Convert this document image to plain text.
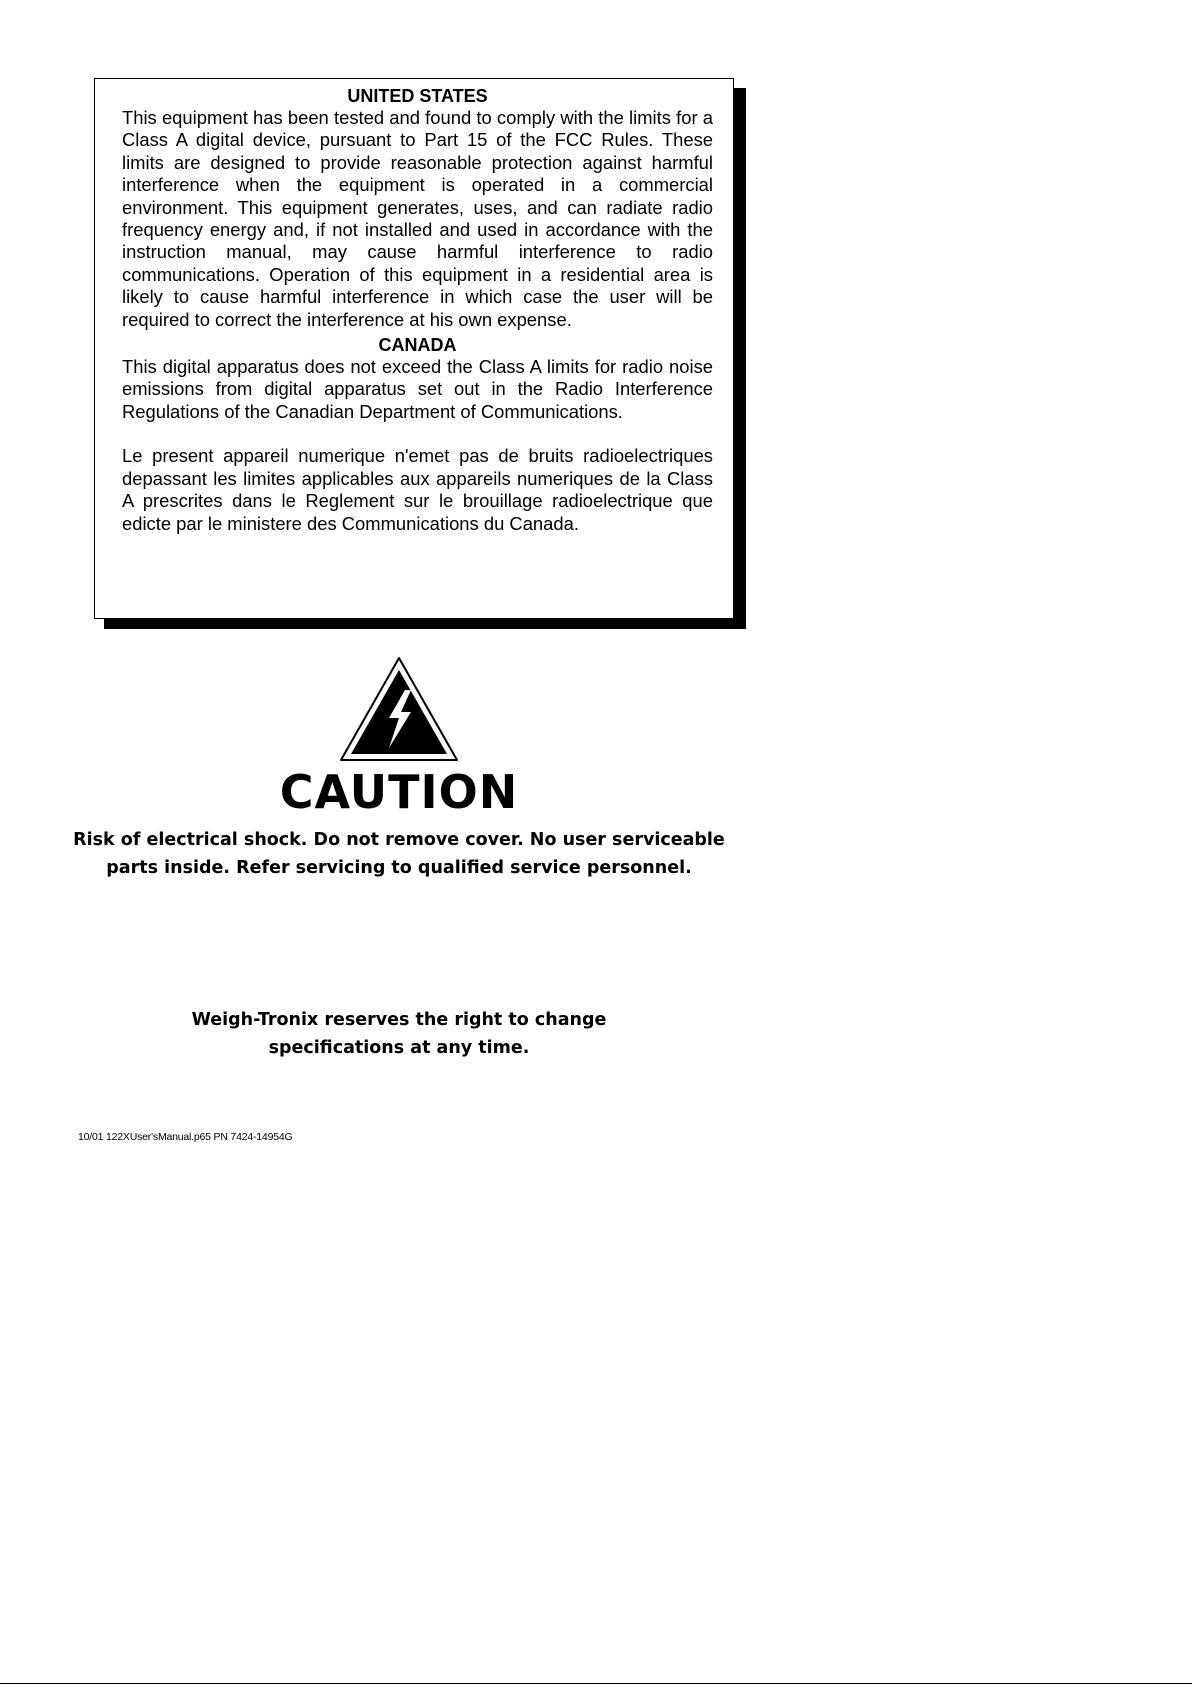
UNITED STATES

This equipment has been tested and found to comply with the limits for a Class A digital device, pursuant to Part 15 of the FCC Rules. These limits are designed to provide reasonable protection against harmful interference when the equipment is operated in a commercial environment. This equipment generates, uses, and can radiate radio frequency energy and, if not installed and used in accordance with the instruction manual, may cause harmful interference to radio communications. Operation of this equipment in a residential area is likely to cause harmful interference in which case the user will be required to correct the interference at his own expense.

CANADA

This digital apparatus does not exceed the Class A limits for radio noise emissions from digital apparatus set out in the Radio Interference Regulations of the Canadian Department of Communications.

Le present appareil numerique n'emet pas de bruits radioelectriques depassant les limites applicables aux appareils numeriques de la Class A prescrites dans le Reglement sur le brouillage radioelectrique que edicte par le ministere des Communications du Canada.

CAUTION
Risk of electrical shock. Do not remove cover. No user serviceable
parts inside. Refer servicing to qualified service personnel.
Weigh-Tronix reserves the right to change
specifications at any time.
10/01 122XUser'sManual.p65 PN 7424-14954G
